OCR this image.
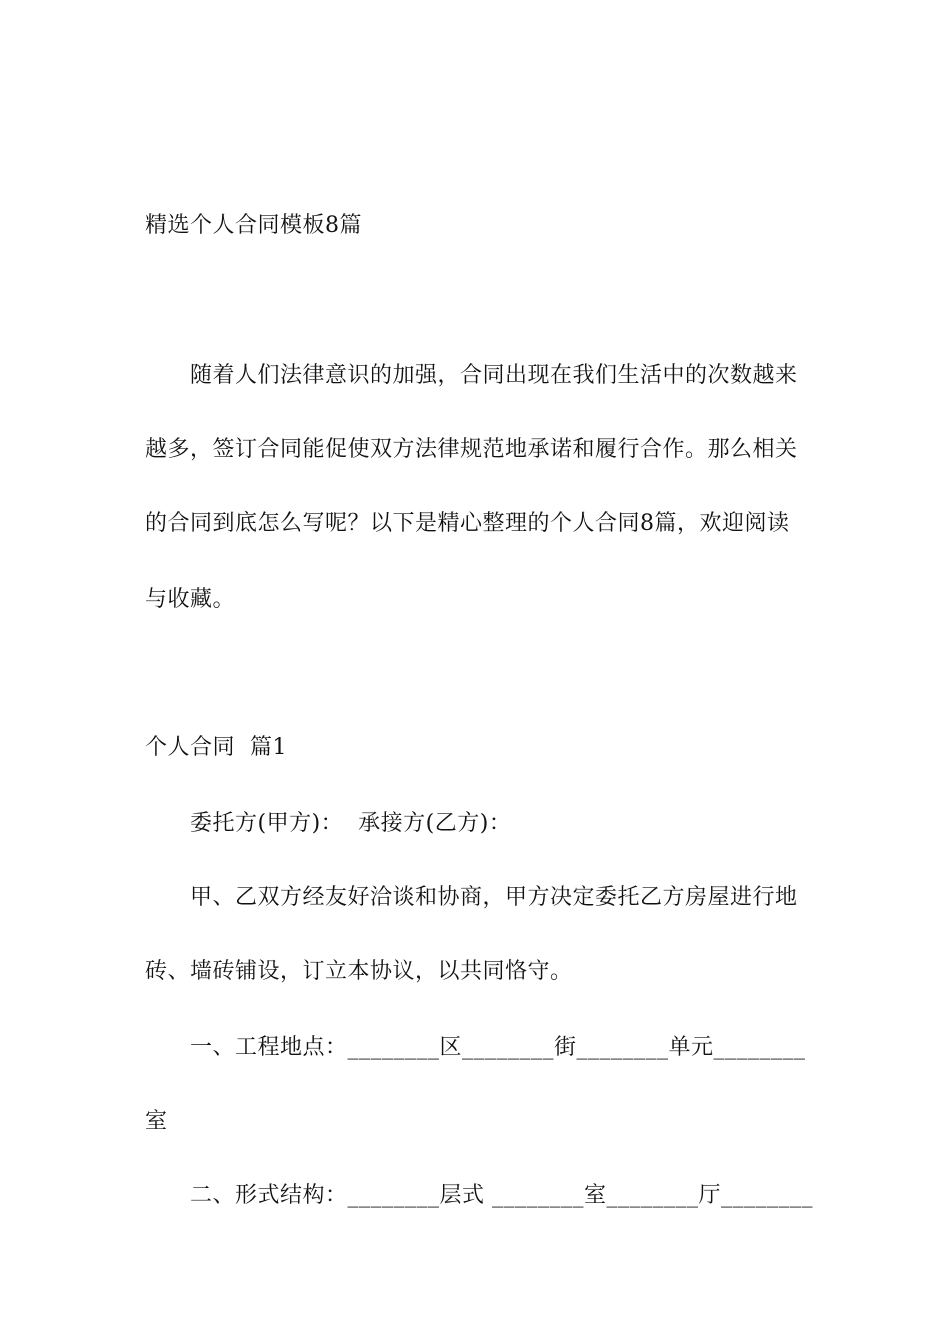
精选个人合同模板8篇
随着人们法律意识的加强，合同出现在我们生活中的次数越来
越多，签订合同能促使双方法律规范地承诺和履行合作。那么相关
的合同到底怎么写呢？以下是精心整理的个人合同8篇，欢迎阅读
与收藏。
个人合同  篇1
委托方(甲方)：  承接方(乙方)：
甲、乙双方经友好洽谈和协商，甲方决定委托乙方房屋进行地
砖、墙砖铺设，订立本协议，以共同恪守。
一、工程地点：________区________街________单元________
室
二、形式结构：________层式 ________室________厅________
